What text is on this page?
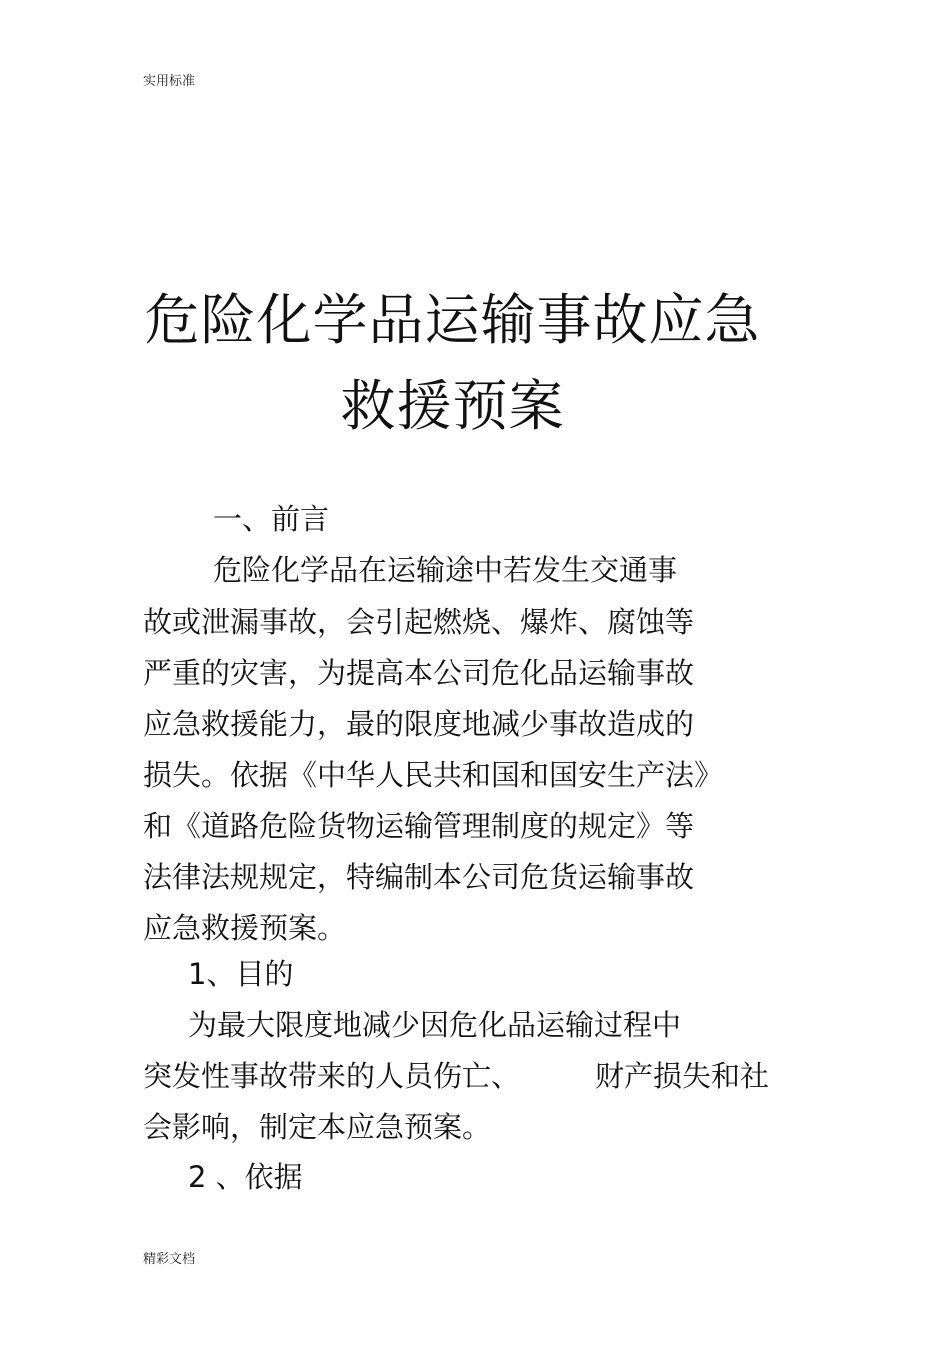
实用标准
危险化学品运输事故应急
救援预案
一、前言
危险化学品在运输途中若发生交通事
故或泄漏事故，会引起燃烧、爆炸、腐蚀等
严重的灾害，为提高本公司危化品运输事故
应急救援能力，最的限度地减少事故造成的
损失。依据《中华人民共和国和国安生产法》
和《道路危险货物运输管理制度的规定》等
法律法规规定，特编制本公司危货运输事故
应急救援预案。
1、目的
为最大限度地减少因危化品运输过程中
突发性事故带来的人员伤亡、	财产损失和社
会影响，制定本应急预案。
2 、依据
精彩文档
